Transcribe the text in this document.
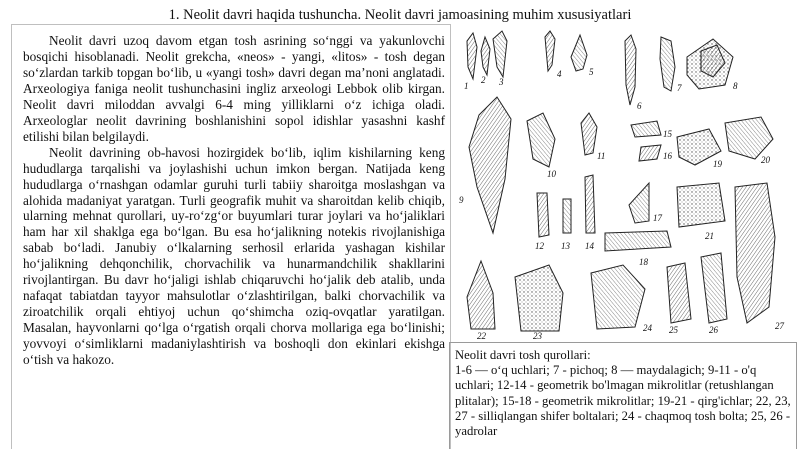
1. Neolit davri haqida tushuncha. Neolit davri jamoasining muhim xususiyatlari

Neolit davri uzoq davom etgan tosh asrining so‘nggi va yakunlovchi bosqichi hisoblanadi. Neolit grekcha, «neos» - yangi, «litos» - tosh degan so‘zlardan tarkib topgan bo‘lib, u «yangi tosh» davri degan ma’noni anglatadi. Arxeologiya faniga neolit tushunchasini ingliz arxeologi Lebbok olib kirgan. Neolit davri miloddan avvalgi 6-4 ming yilliklarni o‘z ichiga oladi. Arxeologlar neolit davrining boshlanishini sopol idishlar yasashni kashf etilishi bilan belgilaydi.

Neolit davrining ob-havosi hozirgidek bo‘lib, iqlim kishilarning keng hududlarga tarqalishi va joylashishi uchun imkon bergan. Natijada keng hududlarga o‘rnashgan odamlar guruhi turli tabiiy sharoitga moslashgan va alohida madaniyat yaratgan. Turli geografik muhit va sharoitdan kelib chiqib, ularning mehnat qurollari, uy-ro‘zg‘or buyumlari turar joylari va ho‘jaliklari ham har xil shaklga ega bo‘lgan. Bu esa ho‘jalikning notekis rivojlanishiga sabab bo‘ladi. Janubiy o‘lkalarning serhosil erlarida yashagan kishilar ho‘jalikning dehqonchilik, chorvachilik va hunarmandchilik shakllarini rivojlantirgan. Bu davr ho‘jaligi ishlab chiqaruvchi ho‘jalik deb atalib, unda nafaqat tabiatdan tayyor mahsulotlar o‘zlashtirilgan, balki chorvachilik va ziroatchilik orqali ehtiyoj uchun qo‘shimcha oziq-ovqatlar yaratilgan. Masalan, hayvonlarni qo‘lga o‘rgatish orqali chorva mollariga ega bo‘linishi; yovvoyi o‘simliklarni madaniylashtirish va boshoqli don ekinlari ekishga o‘tish va hakozo.

1
2 3
4	5
6
7	8
9
10
11
12 13 14
15
16
17
18
19	20
21
22	23
24 25	26	27

Neolit davri tosh qurollari:
1-6 — o‘q uchlari; 7 - pichoq; 8 — maydalagich; 9-11 - o'q uchlari; 12-14 - geometrik bo'lmagan mikrolitlar (retushlangan plitalar); 15-18 - geometrik mikrolitlar; 19-21 - qirg'ichlar; 22, 23, 27 - silliqlangan shifer boltalari; 24 - chaqmoq tosh bolta; 25, 26 - yadrolar
